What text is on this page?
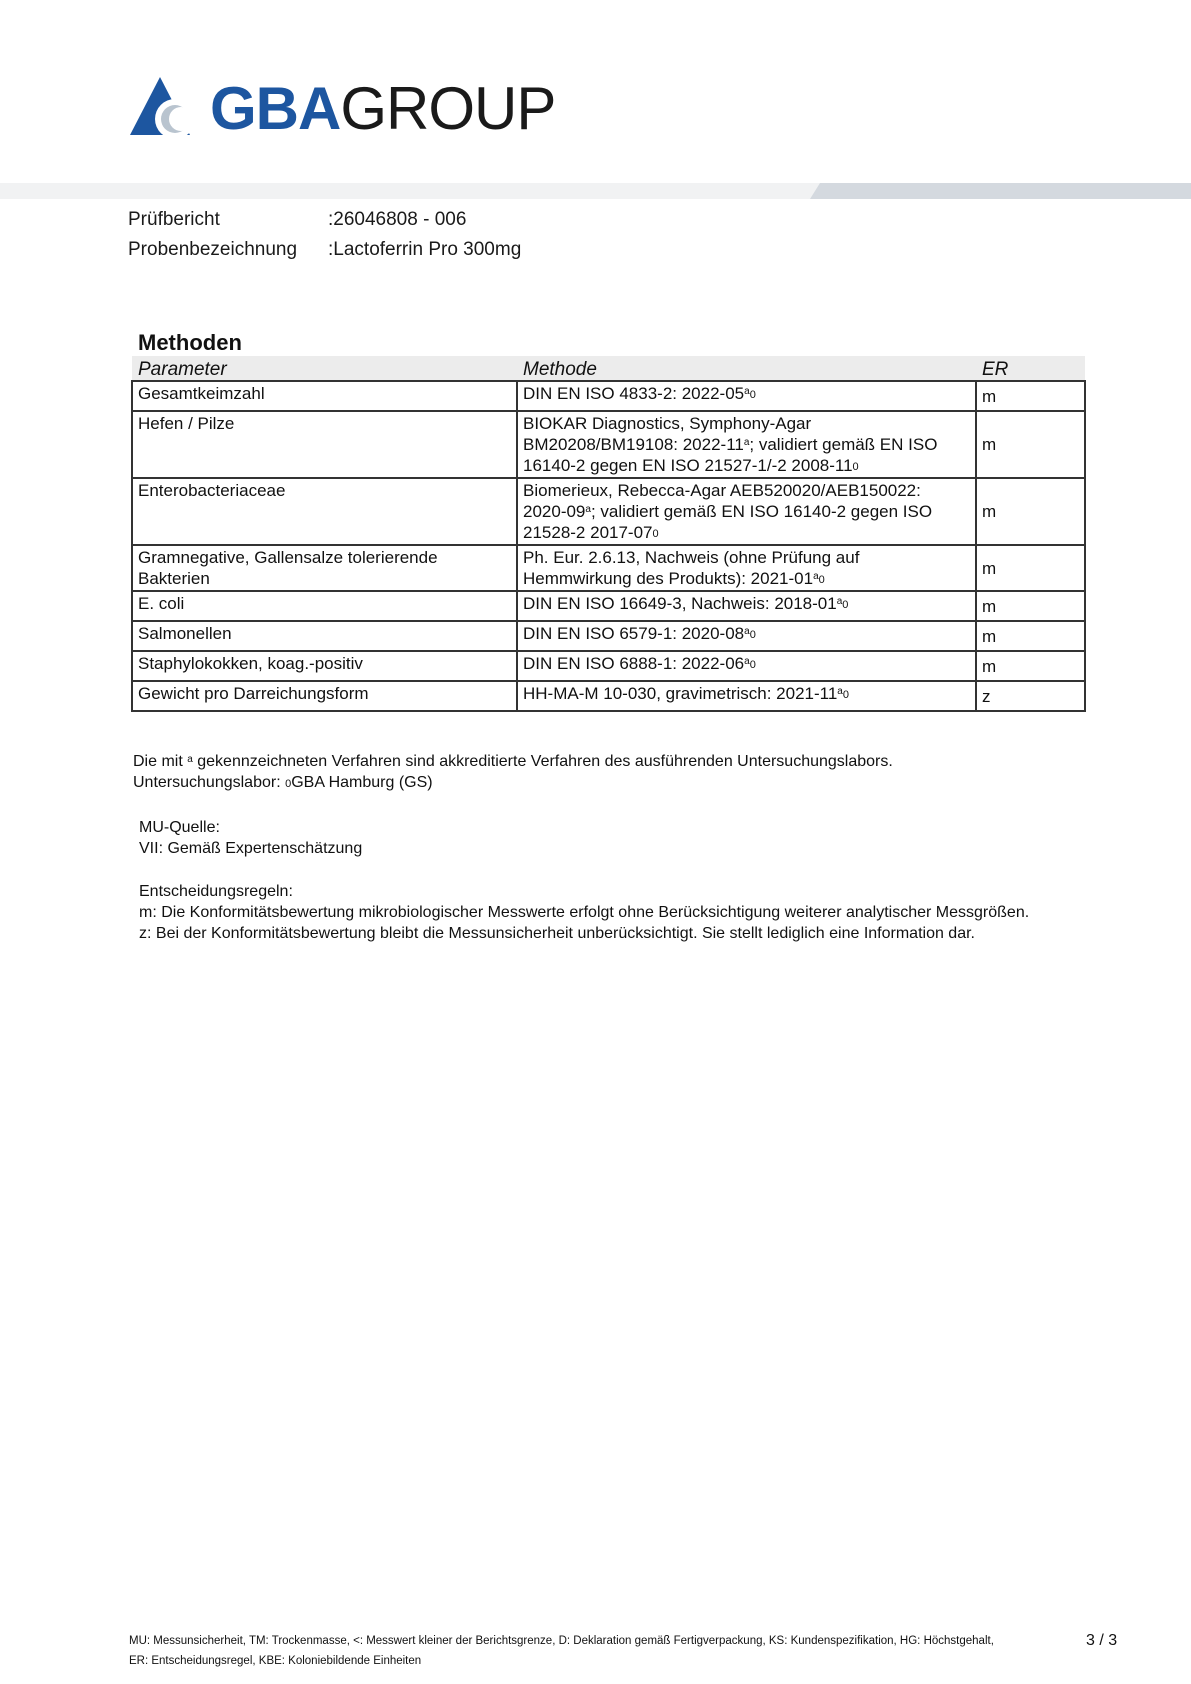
GBAGROUP
Prüfbericht	:26046808 - 006
Probenbezeichnung :Lactoferrin Pro 300mg
Methoden
Parameter	Methode	ER
Gesamtkeimzahl	DIN EN ISO 4833-2: $2022-05^a_0$	m
Hefen / Pilze	BIOKAR Diagnostics, Symphony-Agar
BM20208/BM19108: 2022-11$^a$; validiert gemäß EN ISO
16140-2 gegen EN ISO 21527-1/-2 $2008-11_0$	m
Enterobacteriaceae	Biomerieux, Rebecca-Agar AEB520020/AEB150022:
2020-09$^a$; validiert gemäß EN ISO 16140-2 gegen ISO
21528-2 $2017-07_0$	m
Gramnegative, Gallensalze tolerierende Bakterien	Ph. Eur. 2.6.13, Nachweis (ohne Prüfung auf
Hemmwirkung des Produkts): $2021-01^a_0$	m
E. coli	DIN EN ISO 16649-3, Nachweis: $2018-01^a_0$	m
Salmonellen	DIN EN ISO 6579-1: $2020-08^a_0$	m
Staphylokokken, koag.-positiv	DIN EN ISO 6888-1: $2022-06^a_0$	m
Gewicht pro Darreichungsform	HH-MA-M 10-030, gravimetrisch: $2021-11^a_0$	z
Die mit $^a$ gekennzeichneten Verfahren sind akkreditierte Verfahren des ausführenden Untersuchungslabors.
Untersuchungslabor: $_0$GBA Hamburg (GS)
MU-Quelle:
VII: Gemäß Expertenschätzung
Entscheidungsregeln:
m: Die Konformitätsbewertung mikrobiologischer Messwerte erfolgt ohne Berücksichtigung weiterer analytischer Messgrößen.
z: Bei der Konformitätsbewertung bleibt die Messunsicherheit unberücksichtigt. Sie stellt lediglich eine Information dar.
MU: Messunsicherheit, TM: Trockenmasse, <: Messwert kleiner der Berichtsgrenze, D: Deklaration gemäß Fertigverpackung, KS: Kundenspezifikation, HG: Höchstgehalt,
ER: Entscheidungsregel, KBE: Koloniebildende Einheiten
3 / 3
